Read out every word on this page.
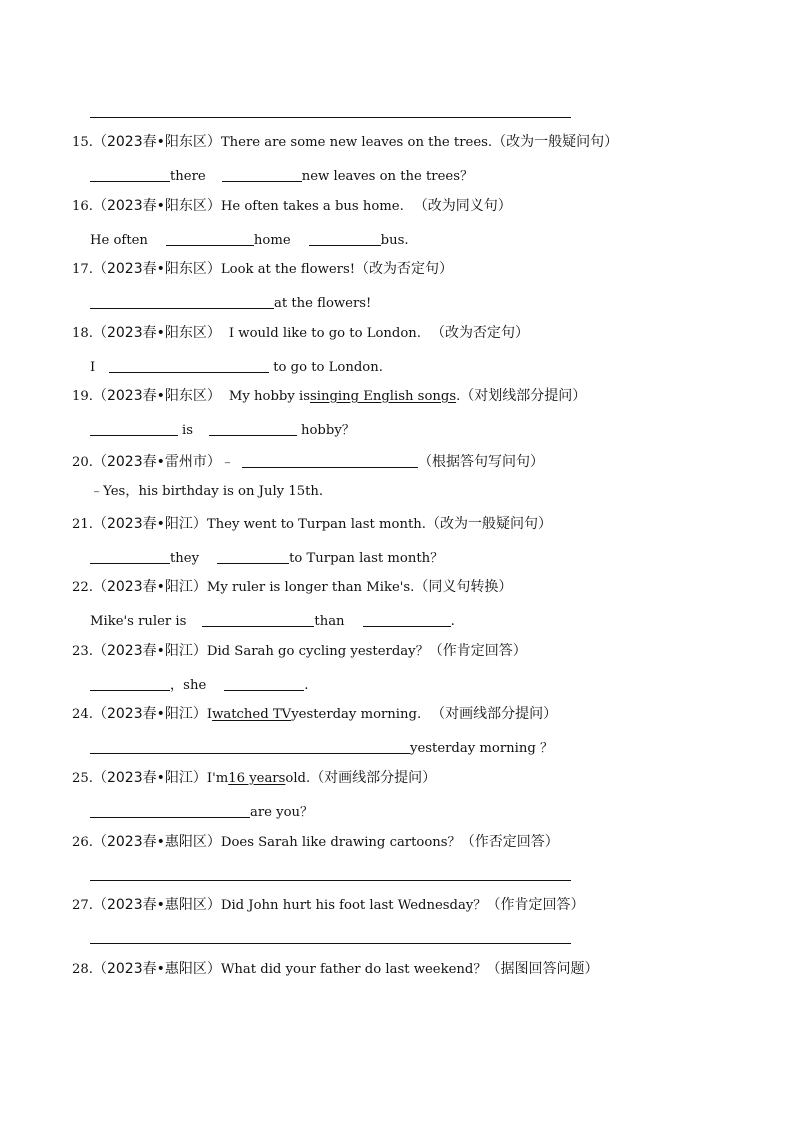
15. （2023春•阳东区） There are some new leaves on the trees. （改为一般疑问句）
there	new leaves on the trees？
16. （2023春•阳东区） He often takes a bus home. （改为同义句）
He often	home	bus.
17. （2023春•阳东区） Look at the flowers! （改为否定句）
at the flowers!
18. （2023春•阳东区） I would like to go to London. （改为否定句）
I	to go to London.
19. （2023春•阳东区） My hobby is singing English songs . （对划线部分提问）
is	hobby？
20. （2023春•雷州市） ﹣	（根据答句写问句）
﹣Yes，his birthday is on July 15th.
21. （2023春•阳江） They went to Turpan last month. （改为一般疑问句）
they	to Turpan last month？
22. （2023春•阳江） My ruler is longer than Mike's. （同义句转换）
Mike's ruler is	than	.
23. （2023春•阳江） Did Sarah go cycling yesterday？ （作肯定回答）
，she	.
24. （2023春•阳江） I watched TV yesterday morning. （对画线部分提问）
yesterday morning ？
25. （2023春•阳江） I'm 16 years old. （对画线部分提问）
are you？
26. （2023春•惠阳区） Does Sarah like drawing cartoons？ （作否定回答）
27. （2023春•惠阳区） Did John hurt his foot last Wednesday？ （作肯定回答）
28. （2023春•惠阳区） What did your father do last weekend？ （据图回答问题）
